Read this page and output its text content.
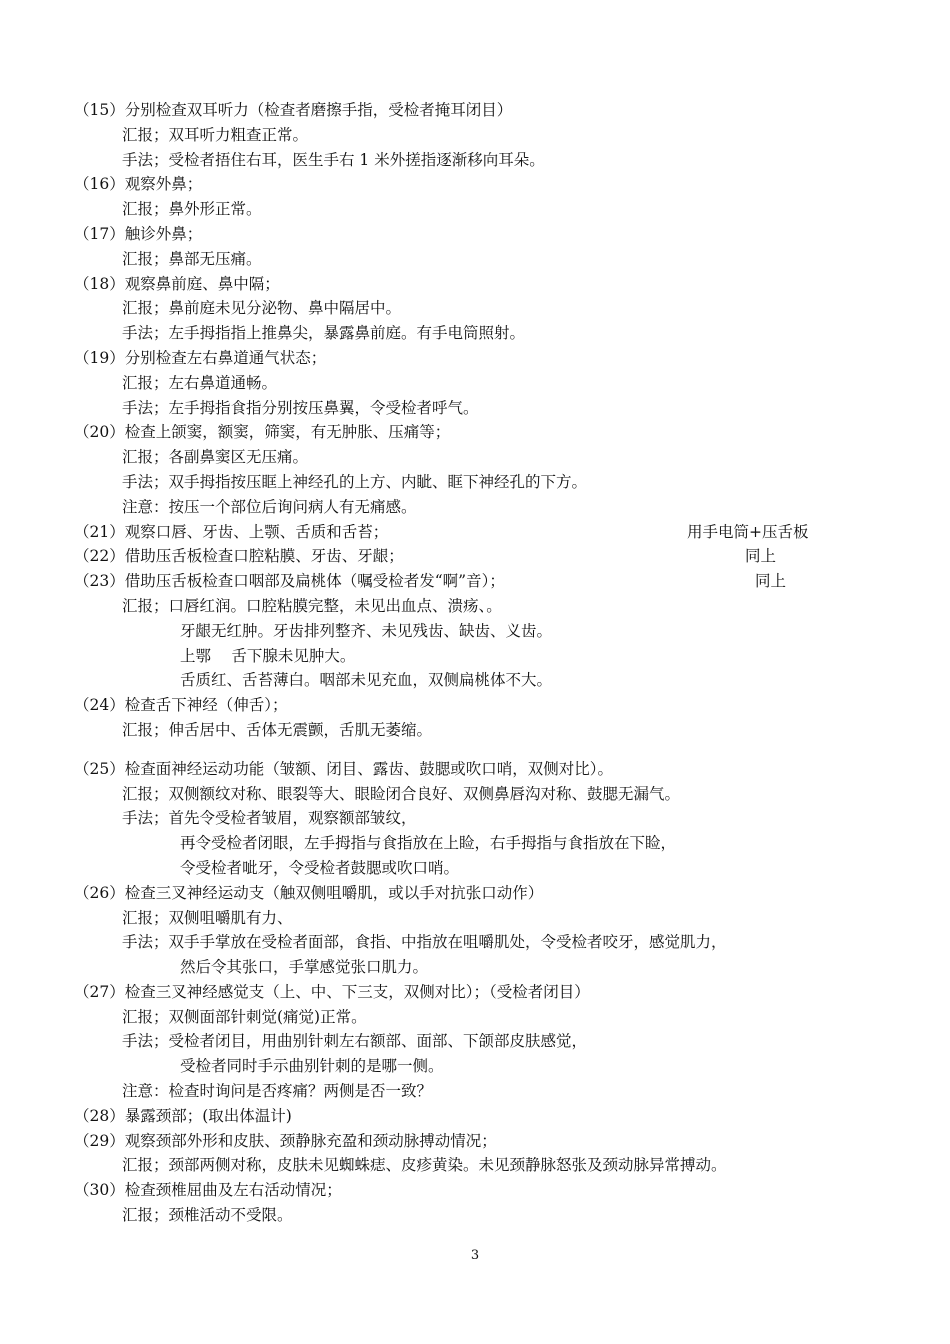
（15）分别检查双耳听力（检查者磨擦手指，受检者掩耳闭目）
汇报；双耳听力粗查正常。
手法；受检者捂住右耳，医生手右 1 米外搓指逐渐移向耳朵。
（16）观察外鼻；
汇报；鼻外形正常。
（17）触诊外鼻；
汇报；鼻部无压痛。
（18）观察鼻前庭、鼻中隔；
汇报；鼻前庭未见分泌物、鼻中隔居中。
手法；左手拇指指上推鼻尖，暴露鼻前庭。有手电筒照射。
（19）分别检查左右鼻道通气状态；
汇报；左右鼻道通畅。
手法；左手拇指食指分别按压鼻翼，令受检者呼气。
（20）检查上颌窦，额窦，筛窦，有无肿胀、压痛等；
汇报；各副鼻窦区无压痛。
手法；双手拇指按压眶上神经孔的上方、内眦、眶下神经孔的下方。
注意：按压一个部位后询问病人有无痛感。
（21）观察口唇、牙齿、上颚、舌质和舌苔；	用手电筒+压舌板
（22）借助压舌板检查口腔粘膜、牙齿、牙龈；	同上
（23）借助压舌板检查口咽部及扁桃体（嘱受检者发“啊”音）；	同上
汇报；口唇红润。口腔粘膜完整，未见出血点、溃疡、。
牙龈无红肿。牙齿排列整齐、未见残齿、缺齿、义齿。
上鄂　 舌下腺未见肿大。
舌质红、舌苔薄白。咽部未见充血，双侧扁桃体不大。
（24）检查舌下神经（伸舌）；
汇报；伸舌居中、舌体无震颤，舌肌无萎缩。
（25）检查面神经运动功能（皱额、闭目、露齿、鼓腮或吹口哨，双侧对比）。
汇报；双侧额纹对称、眼裂等大、眼睑闭合良好、双侧鼻唇沟对称、鼓腮无漏气。
手法；首先令受检者皱眉，观察额部皱纹，
再令受检者闭眼，左手拇指与食指放在上睑，右手拇指与食指放在下睑，
令受检者呲牙，令受检者鼓腮或吹口哨。
（26）检查三叉神经运动支（触双侧咀嚼肌，或以手对抗张口动作）
汇报；双侧咀嚼肌有力、
手法；双手手掌放在受检者面部，食指、中指放在咀嚼肌处，令受检者咬牙，感觉肌力，
然后令其张口，手掌感觉张口肌力。
（27）检查三叉神经感觉支（上、中、下三支，双侧对比）；（受检者闭目）
汇报；双侧面部针刺觉(痛觉)正常。
手法；受检者闭目，用曲别针刺左右额部、面部、下颌部皮肤感觉，
受检者同时手示曲别针刺的是哪一侧。
注意：检查时询问是否疼痛？两侧是否一致？
（28）暴露颈部；(取出体温计)
（29）观察颈部外形和皮肤、颈静脉充盈和颈动脉搏动情况；
汇报；颈部两侧对称，皮肤未见蜘蛛痣、皮疹黄染。未见颈静脉怒张及颈动脉异常搏动。
（30）检查颈椎屈曲及左右活动情况；
汇报；颈椎活动不受限。
3
